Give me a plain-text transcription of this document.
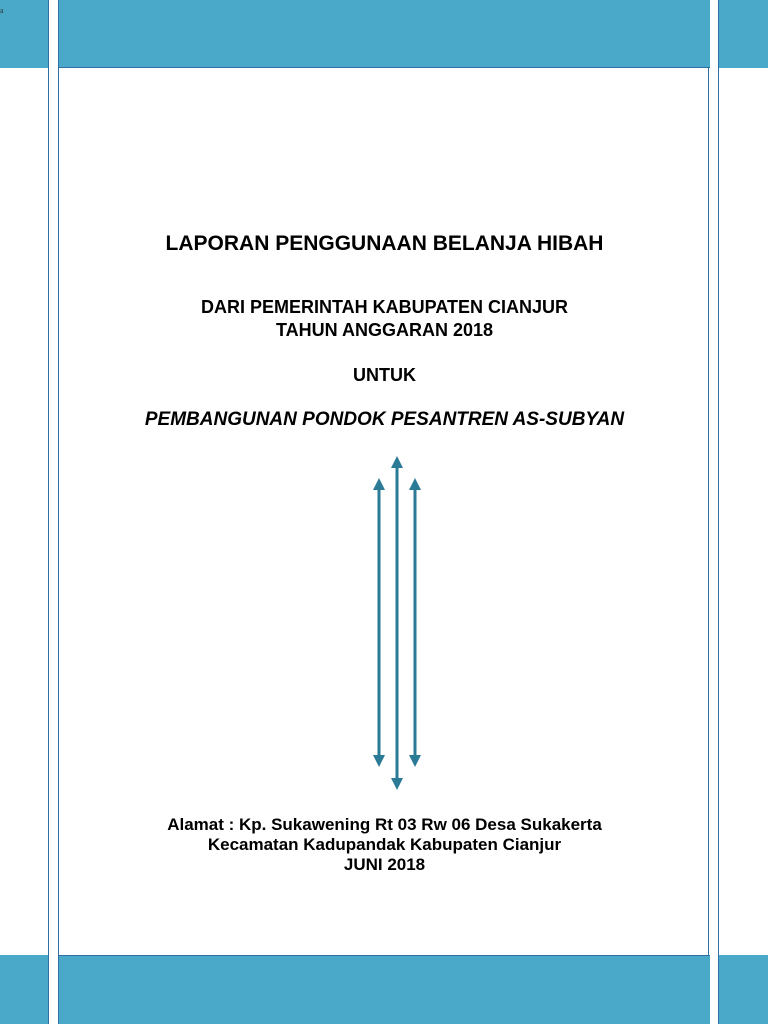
a
LAPORAN PENGGUNAAN BELANJA HIBAH
DARI PEMERINTAH KABUPATEN CIANJUR
TAHUN ANGGARAN 2018
UNTUK
PEMBANGUNAN PONDOK PESANTREN AS-SUBYAN
Alamat : Kp. Sukawening Rt 03 Rw 06 Desa Sukakerta
Kecamatan Kadupandak Kabupaten Cianjur
JUNI 2018
